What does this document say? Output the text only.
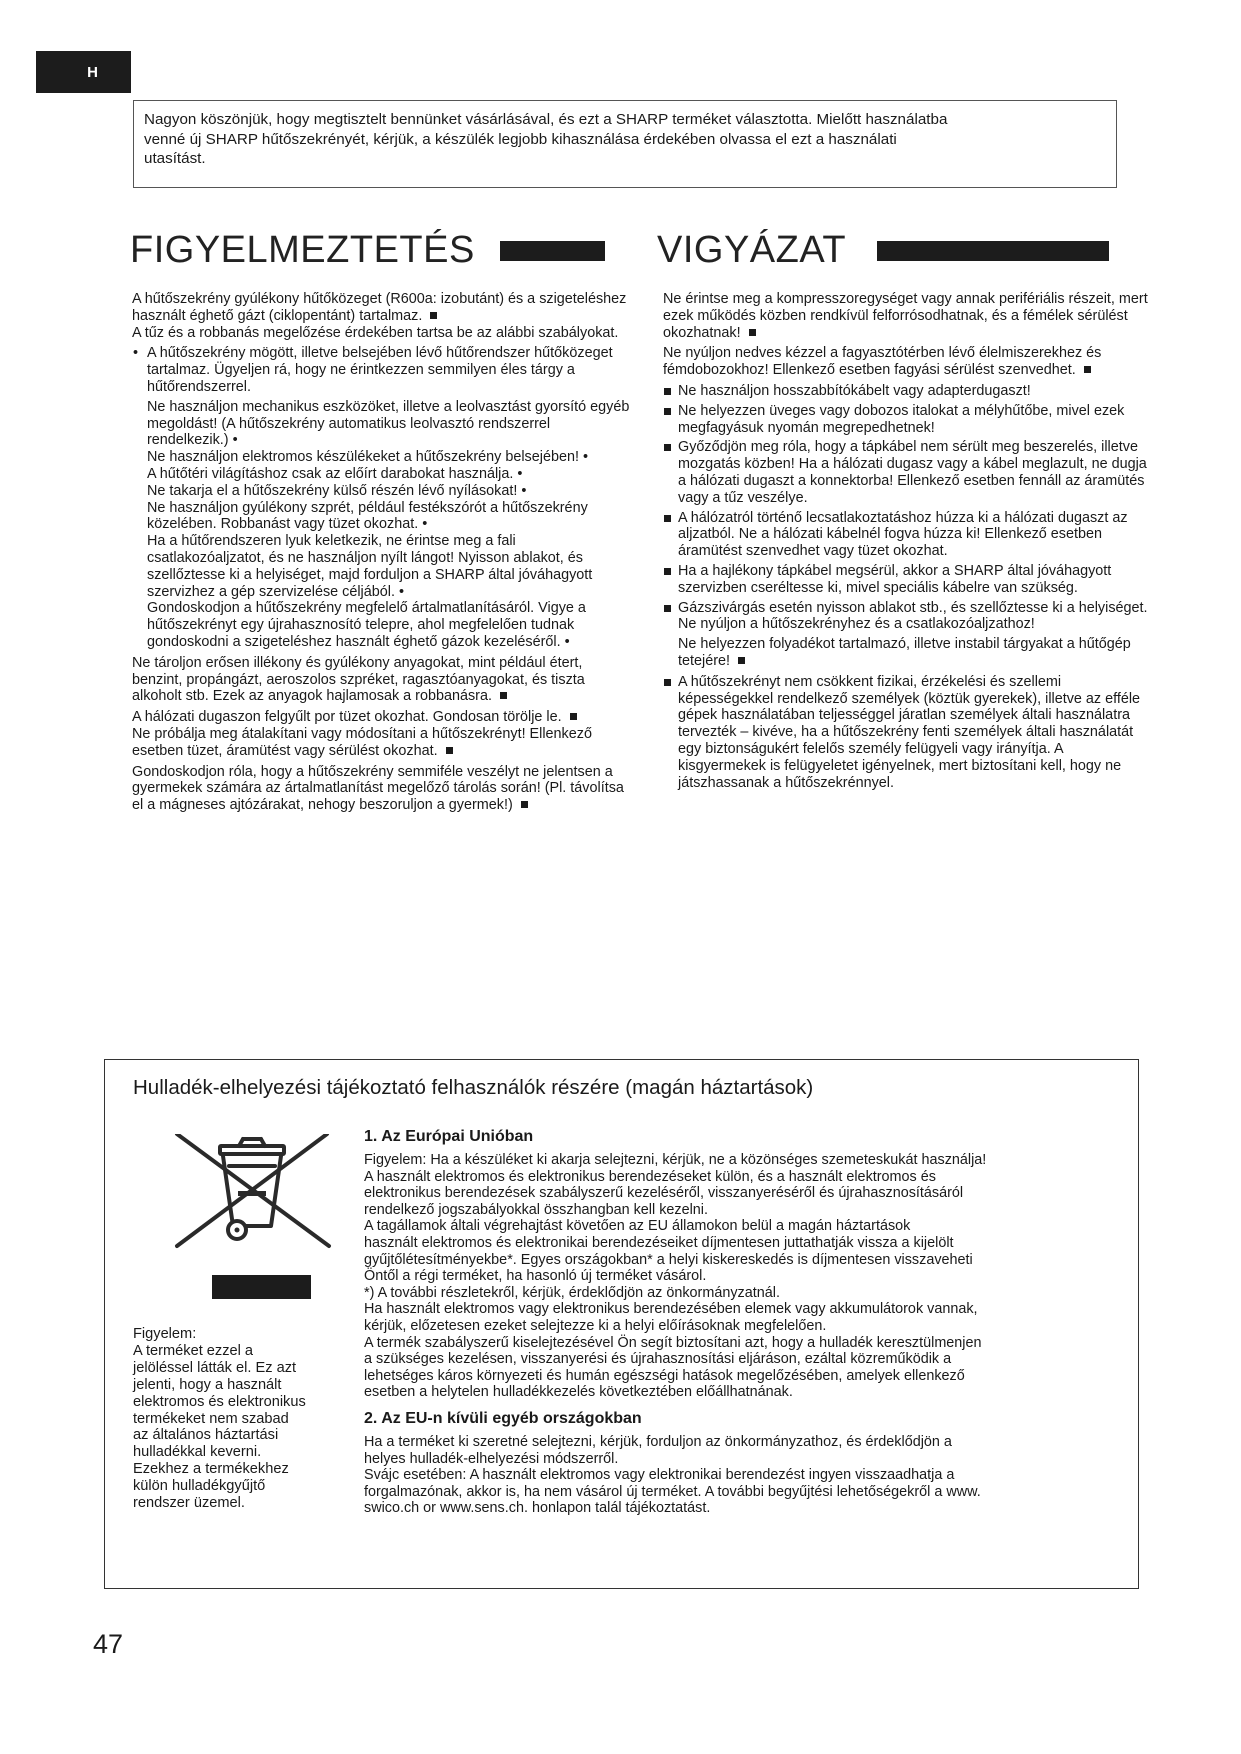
H
Nagyon köszönjük, hogy megtisztelt bennünket vásárlásával, és ezt a SHARP terméket választotta. Mielőtt használatba
venné új SHARP hűtőszekrényét, kérjük, a készülék legjobb kihasználása érdekében olvassa el ezt a használati
utasítást.
FIGYELMEZTETÉS	VIGYÁZAT

A hűtőszekrény gyúlékony hűtőközeget (R600a: izobutánt) és a szigeteléshez használt éghető gázt (ciklopentánt) tartalmaz.

A tűz és a robbanás megelőzése érdekében tartsa be az alábbi szabályokat.

• A hűtőszekrény mögött, illetve belsejében lévő hűtőrendszer hűtőközeget tartalmaz. Ügyeljen rá, hogy ne érintkezzen semmilyen éles tárgy a hűtőrendszerrel.

Ne használjon mechanikus eszközöket, illetve a leolvasztást gyorsító egyéb megoldást! (A hűtőszekrény automatikus leolvasztó rendszerrel rendelkezik.) •

Ne használjon elektromos készülékeket a hűtőszekrény belsejében! •

A hűtőtéri világításhoz csak az előírt darabokat használja. •

Ne takarja el a hűtőszekrény külső részén lévő nyílásokat! •

Ne használjon gyúlékony szprét, például festékszórót a hűtőszekrény közelében. Robbanást vagy tüzet okozhat. •

Ha a hűtőrendszeren lyuk keletkezik, ne érintse meg a fali csatlakozóaljzatot, és ne használjon nyílt lángot! Nyisson ablakot, és szellőztesse ki a helyiséget, majd forduljon a SHARP által jóváhagyott szervizhez a gép szervizelése céljából. •

Gondoskodjon a hűtőszekrény megfelelő ártalmatlanításáról. Vigye a hűtőszekrényt egy újrahasznosító telepre, ahol megfelelően tudnak gondoskodni a szigeteléshez használt éghető gázok kezeléséről. •

Ne tároljon erősen illékony és gyúlékony anyagokat, mint például étert, benzint, propángázt, aeroszolos szpréket, ragasztóanyagokat, és tiszta alkoholt stb. Ezek az anyagok hajlamosak a robbanásra.

A hálózati dugaszon felgyűlt por tüzet okozhat. Gondosan törölje le.

Ne próbálja meg átalakítani vagy módosítani a hűtőszekrényt! Ellenkező esetben tüzet, áramütést vagy sérülést okozhat.

Gondoskodjon róla, hogy a hűtőszekrény semmiféle veszélyt ne jelentsen a gyermekek számára az ártalmatlanítást megelőző tárolás során! (Pl. távolítsa el a mágneses ajtózárakat, nehogy beszoruljon a gyermek!)

Ne érintse meg a kompresszoregységet vagy annak perifériális részeit, mert ezek működés közben rendkívül felforrósodhatnak, és a fémélek sérülést okozhatnak!

Ne nyúljon nedves kézzel a fagyasztótérben lévő élelmiszerekhez és fémdobozokhoz! Ellenkező esetben fagyási sérülést szenvedhet.

Ne használjon hosszabbítókábelt vagy adapterdugaszt!

Ne helyezzen üveges vagy dobozos italokat a mélyhűtőbe, mivel ezek megfagyásuk nyomán megrepedhetnek!

Győződjön meg róla, hogy a tápkábel nem sérült meg beszerelés, illetve mozgatás közben! Ha a hálózati dugasz vagy a kábel meglazult, ne dugja a hálózati dugaszt a konnektorba! Ellenkező esetben fennáll az áramütés vagy a tűz veszélye.

A hálózatról történő lecsatlakoztatáshoz húzza ki a hálózati dugaszt az aljzatból. Ne a hálózati kábelnél fogva húzza ki! Ellenkező esetben áramütést szenvedhet vagy tüzet okozhat.

Ha a hajlékony tápkábel megsérül, akkor a SHARP által jóváhagyott szervizben cseréltesse ki, mivel speciális kábelre van szükség.

Gázszivárgás esetén nyisson ablakot stb., és szellőztesse ki a helyiséget. Ne nyúljon a hűtőszekrényhez és a csatlakozóaljzathoz!

Ne helyezzen folyadékot tartalmazó, illetve instabil tárgyakat a hűtőgép tetejére!

A hűtőszekrényt nem csökkent fizikai, érzékelési és szellemi képességekkel rendelkező személyek (köztük gyerekek), illetve az efféle gépek használatában teljességgel járatlan személyek általi használatra tervezték – kivéve, ha a hűtőszekrény fenti személyek általi használatát egy biztonságukért felelős személy felügyeli vagy irányítja. A kisgyermekek is felügyeletet igényelnek, mert biztosítani kell, hogy ne játszhassanak a hűtőszekrénnyel.

Hulladék-elhelyezési tájékoztató felhasználók részére (magán háztartások)
Figyelem:
A terméket ezzel a
jelöléssel látták el. Ez azt
jelenti, hogy a használt
elektromos és elektronikus
termékeket nem szabad
az általános háztartási
hulladékkal keverni.
Ezekhez a termékekhez
külön hulladékgyűjtő
rendszer üzemel.
1. Az Európai Unióban
Figyelem: Ha a készüléket ki akarja selejtezni, kérjük, ne a közönséges szemeteskukát használja!
A használt elektromos és elektronikus berendezéseket külön, és a használt elektromos és
elektronikus berendezések szabályszerű kezeléséről, visszanyeréséről és újrahasznosításáról
rendelkező jogszabályokkal összhangban kell kezelni.
A tagállamok általi végrehajtást követően az EU államokon belül a magán háztartások
használt elektromos és elektronikai berendezéseiket díjmentesen juttathatják vissza a kijelölt
gyűjtőlétesítményekbe*. Egyes országokban* a helyi kiskereskedés is díjmentesen visszaveheti
Öntől a régi terméket, ha hasonló új terméket vásárol.
*) A további részletekről, kérjük, érdeklődjön az önkormányzatnál.
Ha használt elektromos vagy elektronikus berendezésében elemek vagy akkumulátorok vannak,
kérjük, előzetesen ezeket selejtezze ki a helyi előírásoknak megfelelően.
A termék szabályszerű kiselejtezésével Ön segít biztosítani azt, hogy a hulladék keresztülmenjen
a szükséges kezelésen, visszanyerési és újrahasznosítási eljáráson, ezáltal közreműködik a
lehetséges káros környezeti és humán egészségi hatások megelőzésében, amelyek ellenkező
esetben a helytelen hulladékkezelés következtében előállhatnának.
2. Az EU-n kívüli egyéb országokban
Ha a terméket ki szeretné selejtezni, kérjük, forduljon az önkormányzathoz, és érdeklődjön a
helyes hulladék-elhelyezési módszerről.
Svájc esetében: A használt elektromos vagy elektronikai berendezést ingyen visszaadhatja a
forgalmazónak, akkor is, ha nem vásárol új terméket. A további begyűjtési lehetőségekről a www.
swico.ch or www.sens.ch. honlapon talál tájékoztatást.
47
